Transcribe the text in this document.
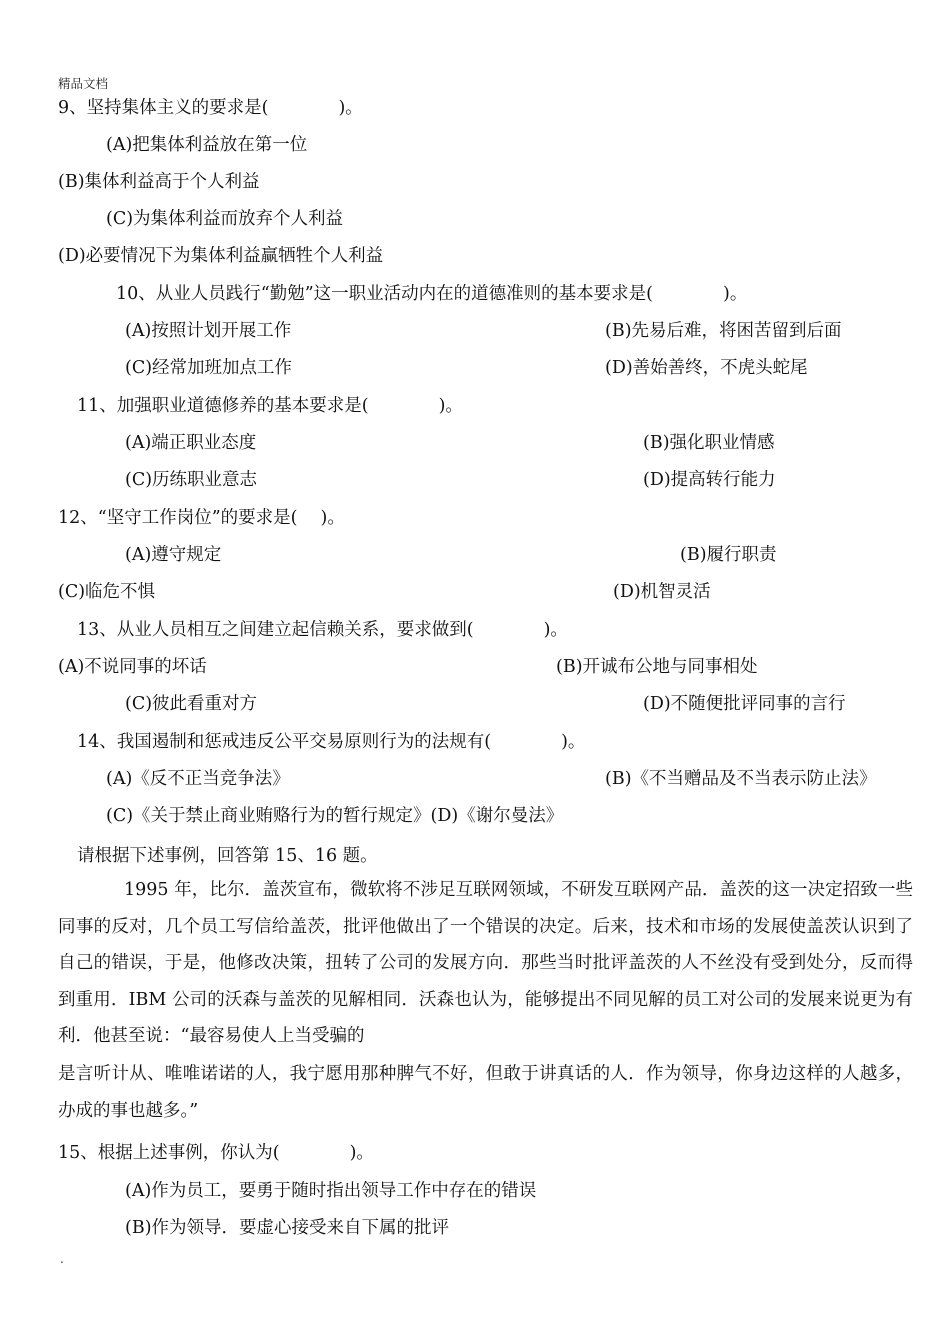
精品文档
9、坚持集体主义的要求是(　　　　)。
(A)把集体利益放在第一位
(B)集体利益高于个人利益
(C)为集体利益而放弃个人利益
(D)必要情况下为集体利益赢牺牲个人利益
10、从业人员践行“勤勉”这一职业活动内在的道德准则的基本要求是(　　　　)。
(A)按照计划开展工作	(B)先易后难，将困苦留到后面
(C)经常加班加点工作	(D)善始善终，不虎头蛇尾
11、加强职业道德修养的基本要求是(　　　　)。
(A)端正职业态度	(B)强化职业情感
(C)历练职业意志	(D)提高转行能力
12、“坚守工作岗位”的要求是(　 )。
(A)遵守规定	(B)履行职责
(C)临危不惧	(D)机智灵活
13、从业人员相互之间建立起信赖关系，要求做到(　　　　)。
(A)不说同事的坏话	(B)开诚布公地与同事相处
(C)彼此看重对方	(D)不随便批评同事的言行
14、我国遏制和惩戒违反公平交易原则行为的法规有(　　　　)。
(A)《反不正当竞争法》	(B)《不当赠品及不当表示防止法》
(C)《关于禁止商业贿赂行为的暂行规定》(D)《谢尔曼法》
请根据下述事例，回答第 15、16 题。
1995 年，比尔．盖茨宣布，微软将不涉足互联网领域，不研发互联网产品．盖茨的这一决定招致一些同事的反对，几个员工写信给盖茨，批评他做出了一个错误的决定。后来，技术和市场的发展使盖茨认识到了自己的错误，于是，他修改决策，扭转了公司的发展方向．那些当时批评盖茨的人不丝没有受到处分，反而得到重用．IBM 公司的沃森与盖茨的见解相同．沃森也认为，能够提出不同见解的员工对公司的发展来说更为有利．他甚至说：“最容易使人上当受骗的
是言听计从、唯唯诺诺的人，我宁愿用那种脾气不好，但敢于讲真话的人．作为领导，你身边这样的人越多，办成的事也越多。”
15、根据上述事例，你认为(　　　　)。
(A)作为员工，要勇于随时指出领导工作中存在的错误
(B)作为领导．要虚心接受来自下属的批评
.
